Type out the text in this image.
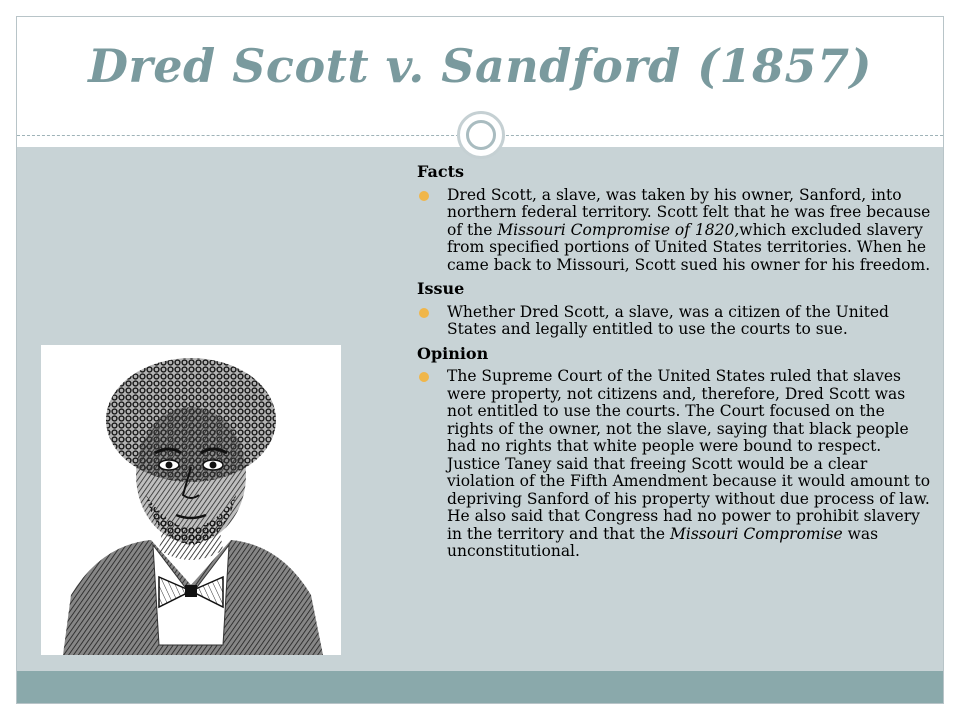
Dred Scott v. Sandford (1857)
Facts
Dred Scott, a slave, was taken by his owner, Sanford, into northern federal territory. Scott felt that he was free because of the Missouri Compromise of 1820,which excluded slavery from specified portions of United States territories. When he came back to Missouri, Scott sued his owner for his freedom.
Issue
Whether Dred Scott, a slave, was a citizen of the United States and legally entitled to use the courts to sue.
Opinion
The Supreme Court of the United States ruled that slaves were property, not citizens and, therefore, Dred Scott was not entitled to use the courts. The Court focused on the rights of the owner, not the slave, saying that black people had no rights that white people were bound to respect. Justice Taney said that freeing Scott would be a clear violation of the Fifth Amendment because it would amount to depriving Sanford of his property without due process of law. He also said that Congress had no power to prohibit slavery in the territory and that the Missouri Compromise was unconstitutional.
